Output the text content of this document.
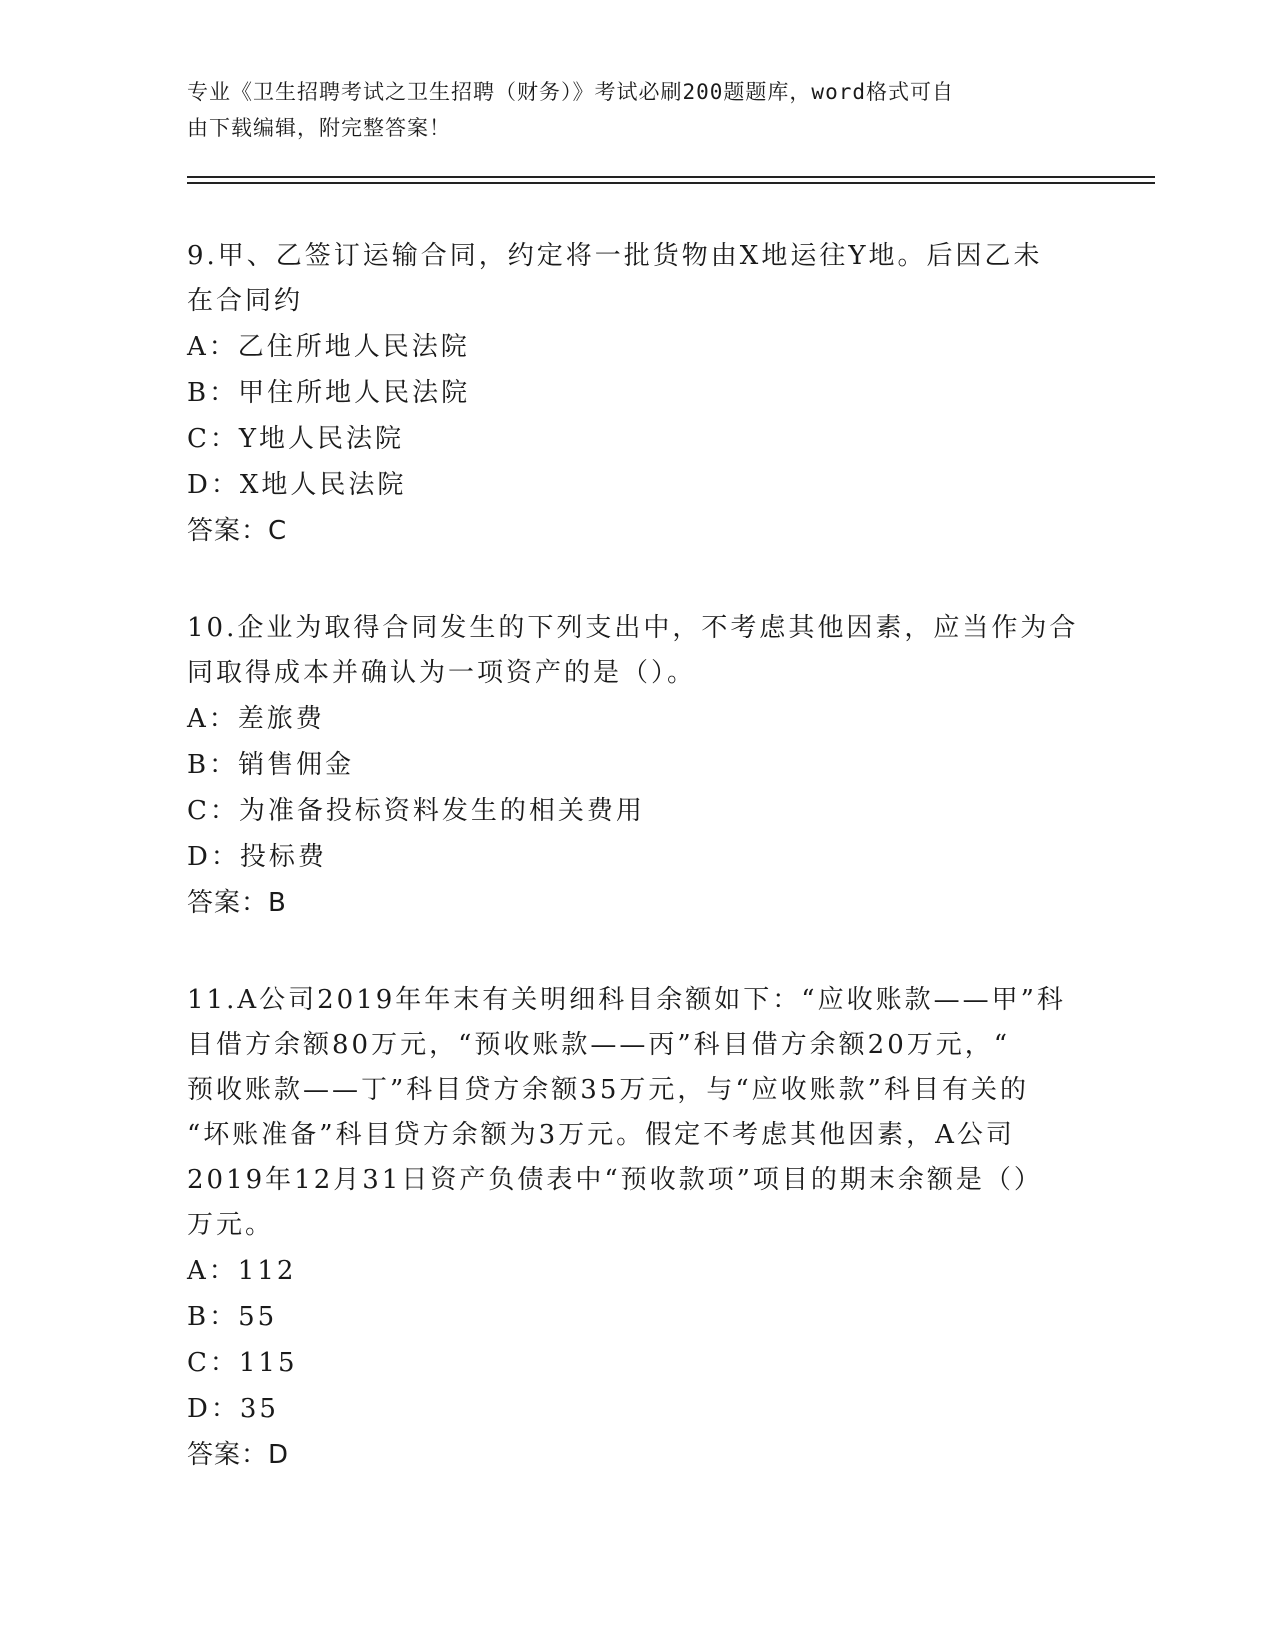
专业《卫生招聘考试之卫生招聘（财务）》考试必刷200题题库，word格式可自
由下载编辑，附完整答案！
9.甲、乙签订运输合同，约定将一批货物由X地运往Y地。后因乙未
在合同约
A：乙住所地人民法院
B：甲住所地人民法院
C：Y地人民法院
D：X地人民法院
答案：C
10.企业为取得合同发生的下列支出中，不考虑其他因素，应当作为合
同取得成本并确认为一项资产的是（）。
A：差旅费
B：销售佣金
C：为准备投标资料发生的相关费用
D：投标费
答案：B
11.A公司2019年年末有关明细科目余额如下：“应收账款——甲”科
目借方余额80万元，“预收账款——丙”科目借方余额20万元，“
预收账款——丁”科目贷方余额35万元，与“应收账款”科目有关的
“坏账准备”科目贷方余额为3万元。假定不考虑其他因素，A公司
2019年12月31日资产负债表中“预收款项”项目的期末余额是（）
万元。
A：112
B：55
C：115
D：35
答案：D
